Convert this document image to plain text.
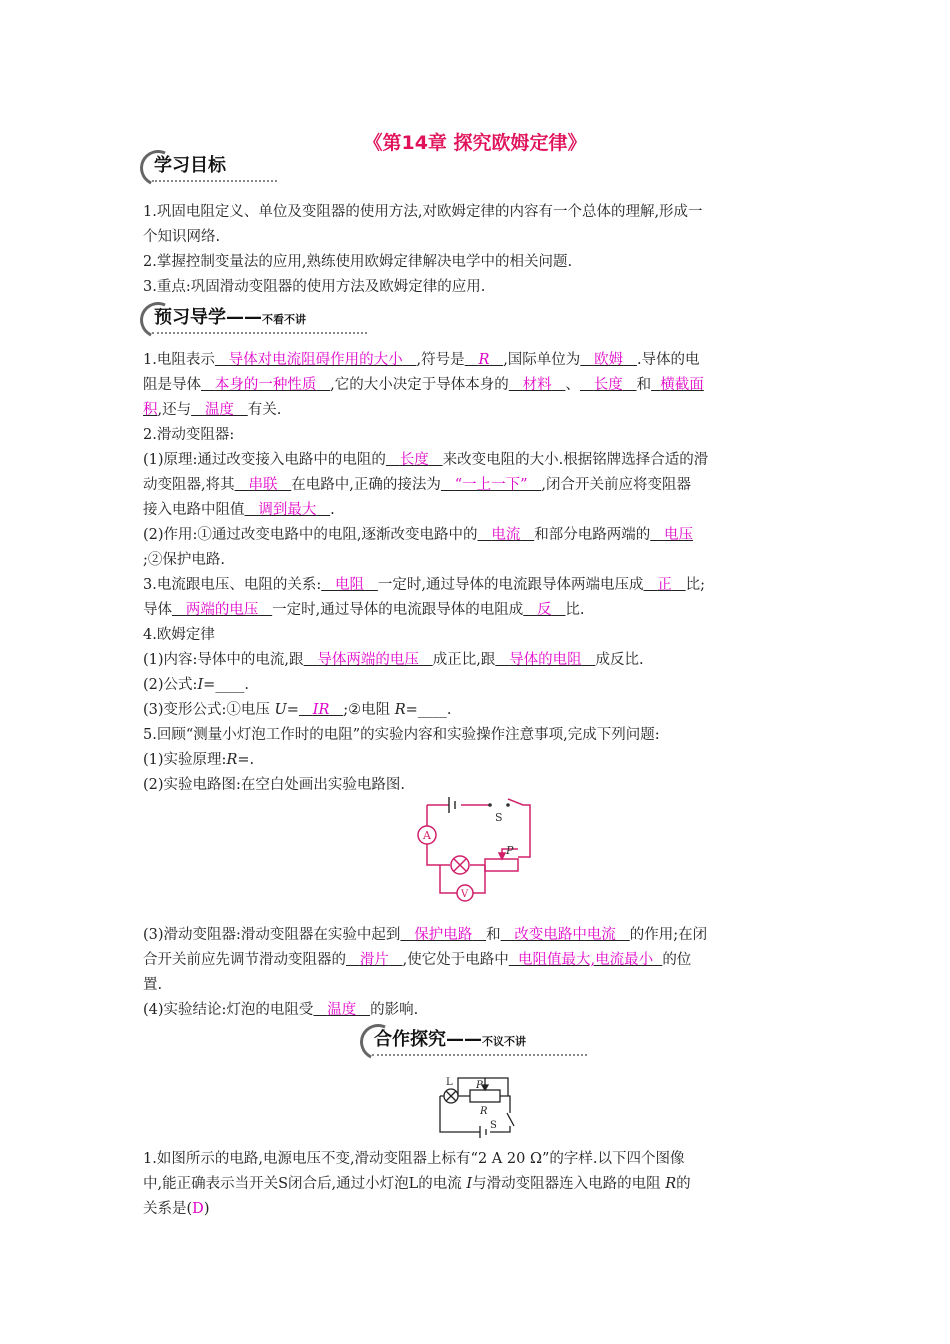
《第14章 探究欧姆定律》
学习目标
1.巩固电阻定义、单位及变阻器的使用方法,对欧姆定律的内容有一个总体的理解,形成一
个知识网络.
2.掌握控制变量法的应用,熟练使用欧姆定律解决电学中的相关问题.
3.重点:巩固滑动变阻器的使用方法及欧姆定律的应用.
预习导学——不看不讲
1.电阻表示 导体对电流阻碍作用的大小 ,符号是 R ,国际单位为 欧姆 .导体的电
阻是导体 本身的一种性质 ,它的大小决定于导体本身的 材料 、 长度 和 横截面
积,还与 温度 有关.
2.滑动变阻器:
(1)原理:通过改变接入电路中的电阻的 长度 来改变电阻的大小.根据铭牌选择合适的滑
动变阻器,将其 串联 在电路中,正确的接法为 “一上一下” ,闭合开关前应将变阻器
接入电路中阻值 调到最大 .
(2)作用:①通过改变电路中的电阻,逐渐改变电路中的 电流 和部分电路两端的 电压
;②保护电路.
3.电流跟电压、电阻的关系: 电阻 一定时,通过导体的电流跟导体两端电压成 正 比;
导体 两端的电压 一定时,通过导体的电流跟导体的电阻成 反 比.
4.欧姆定律
(1)内容:导体中的电流,跟 导体两端的电压 成正比,跟 导体的电阻 成反比.
(2)公式:I=____.
(3)变形公式:①电压 U= IR ;②电阻 R=____.
5.回顾“测量小灯泡工作时的电阻”的实验内容和实验操作注意事项,完成下列问题:
(1)实验原理:R=.
(2)实验电路图:在空白处画出实验电路图.
A
V
S
P
(3)滑动变阻器:滑动变阻器在实验中起到 保护电路 和 改变电路中电流 的作用;在闭
合开关前应先调节滑动变阻器的 滑片 ,使它处于电路中 电阻值最大,电流最小 的位
置.
(4)实验结论:灯泡的电阻受 温度 的影响.
合作探究——不议不讲
L P
R
S
1.如图所示的电路,电源电压不变,滑动变阻器上标有“2 A 20 Ω”的字样.以下四个图像
中,能正确表示当开关S闭合后,通过小灯泡L的电流 I与滑动变阻器连入电路的电阻 R的
关系是(D)
